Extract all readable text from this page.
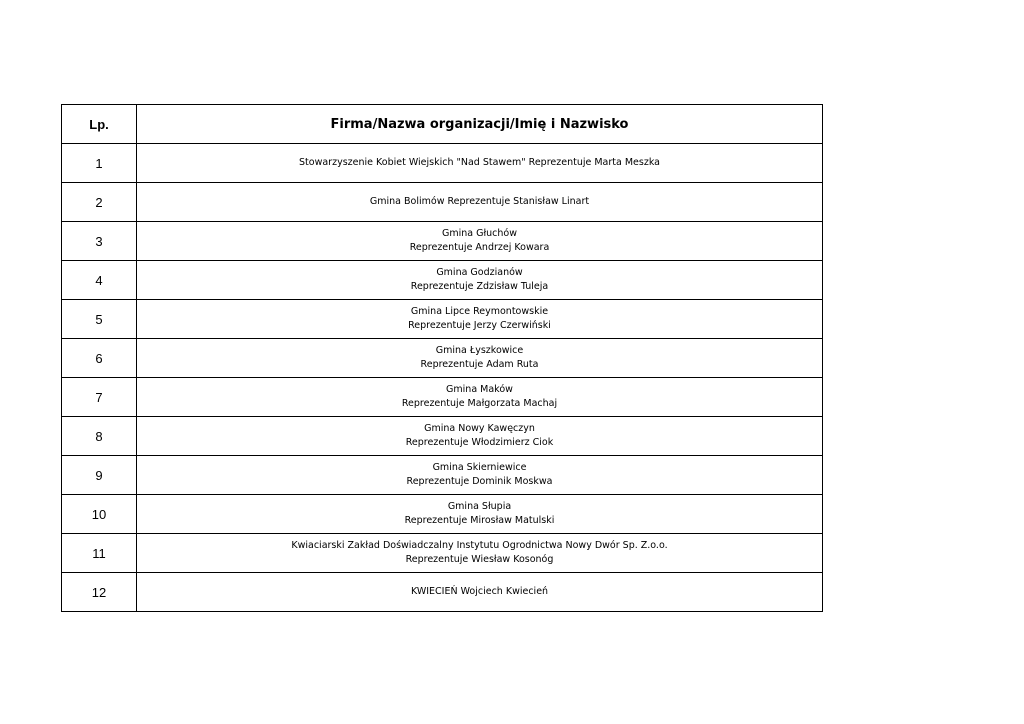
Lp.	Firma/Nazwa organizacji/Imię i Nazwisko
1	Stowarzyszenie Kobiet Wiejskich "Nad Stawem" Reprezentuje Marta Meszka

2	Gmina Bolimów Reprezentuje Stanisław Linart

3	Gmina Głuchów
Reprezentuje Andrzej Kowara

4	Gmina Godzianów
Reprezentuje Zdzisław Tuleja

5	Gmina Lipce Reymontowskie
Reprezentuje Jerzy Czerwiński

6	Gmina Łyszkowice
Reprezentuje Adam Ruta

7	Gmina Maków
Reprezentuje Małgorzata Machaj

8	Gmina Nowy Kawęczyn
Reprezentuje Włodzimierz Ciok

9	Gmina Skierniewice
Reprezentuje Dominik Moskwa

10	Gmina Słupia
Reprezentuje Mirosław Matulski

11	Kwiaciarski Zakład Doświadczalny Instytutu Ogrodnictwa Nowy Dwór Sp. Z.o.o.
Reprezentuje Wiesław Kosonóg

12	KWIECIEŃ Wojciech Kwiecień
